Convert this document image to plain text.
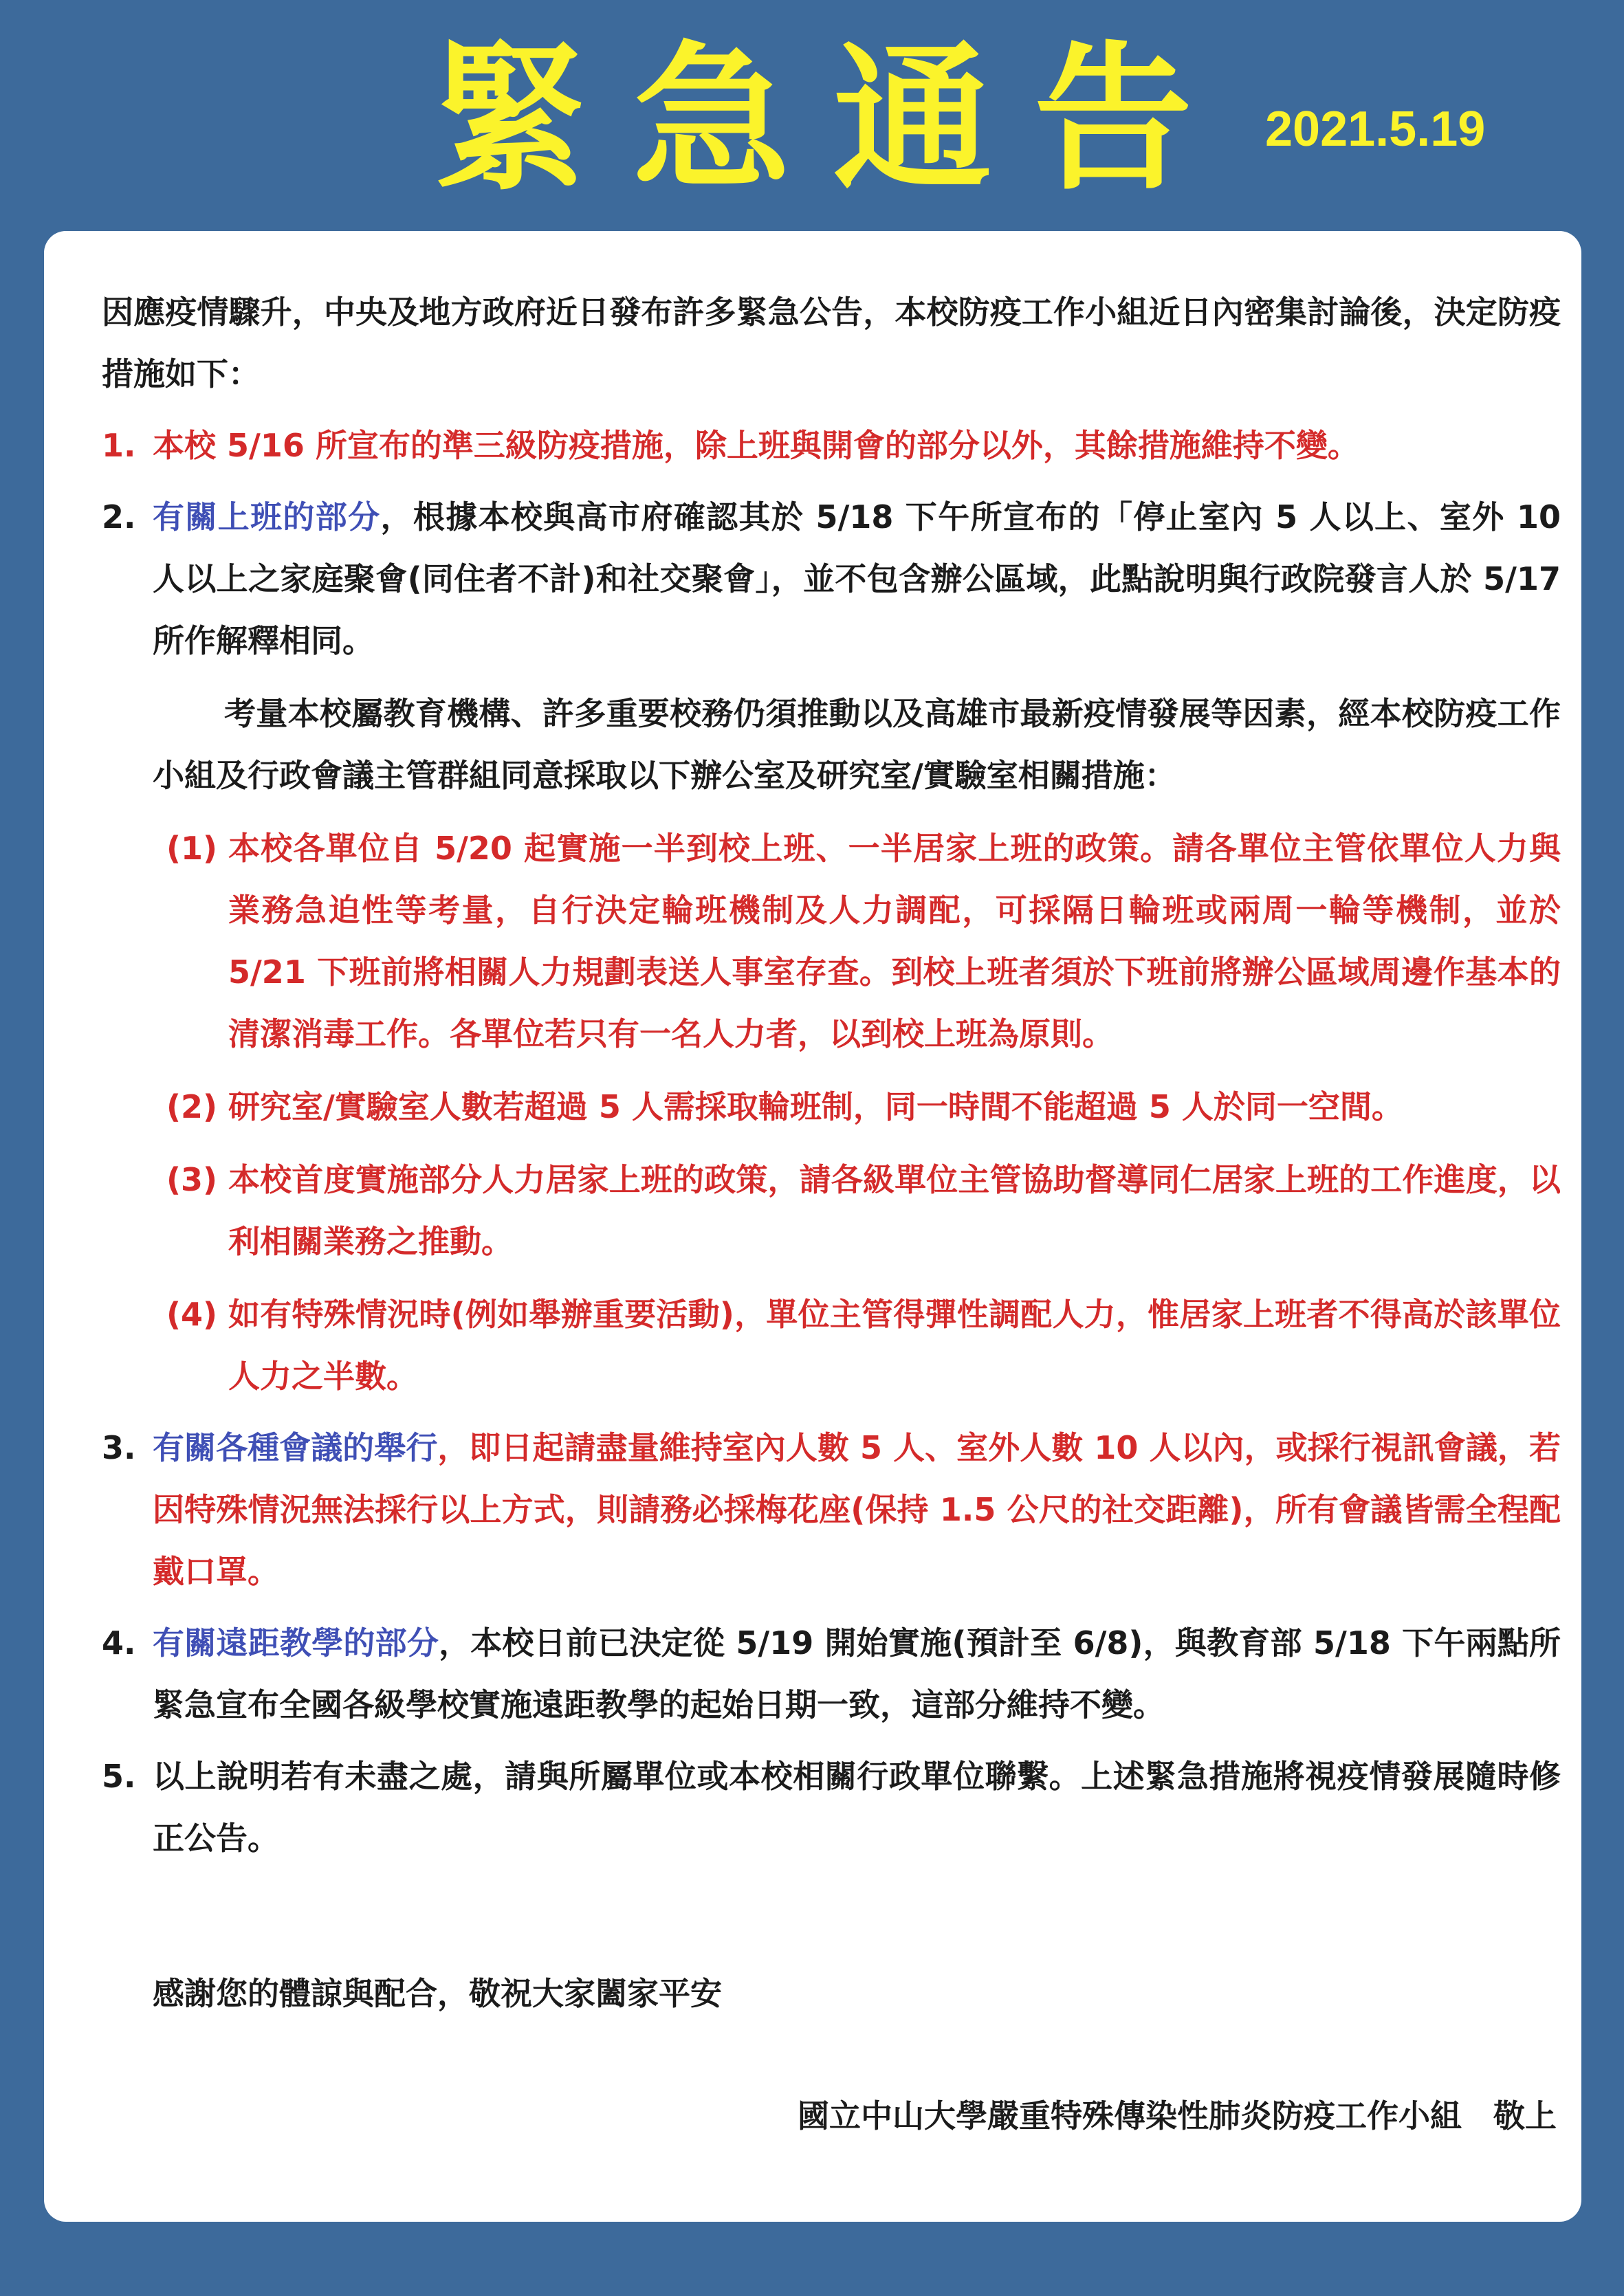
緊急通告 2021.5.19

因應疫情驟升，中央及地方政府近日發布許多緊急公告，本校防疫工作小組近日內密集討論後，決定防疫措施如下：

1. 本校 5/16 所宣布的準三級防疫措施，除上班與開會的部分以外，其餘措施維持不變。
2. 有關上班的部分，根據本校與高市府確認其於 5/18 下午所宣布的「停止室內 5 人以上、室外 10 人以上之家庭聚會(同住者不計)和社交聚會」，並不包含辦公區域，此點說明與行政院發言人於 5/17 所作解釋相同。

考量本校屬教育機構、許多重要校務仍須推動以及高雄市最新疫情發展等因素，經本校防疫工作小組及行政會議主管群組同意採取以下辦公室及研究室/實驗室相關措施：

(1) 本校各單位自 5/20 起實施一半到校上班、一半居家上班的政策。請各單位主管依單位人力與業務急迫性等考量，自行決定輪班機制及人力調配，可採隔日輪班或兩周一輪等機制，並於 5/21 下班前將相關人力規劃表送人事室存查。到校上班者須於下班前將辦公區域周邊作基本的清潔消毒工作。各單位若只有一名人力者，以到校上班為原則。
(2) 研究室/實驗室人數若超過 5 人需採取輪班制，同一時間不能超過 5 人於同一空間。
(3) 本校首度實施部分人力居家上班的政策，請各級單位主管協助督導同仁居家上班的工作進度，以利相關業務之推動。
(4) 如有特殊情況時(例如舉辦重要活動)，單位主管得彈性調配人力，惟居家上班者不得高於該單位人力之半數。
3. 有關各種會議的舉行，即日起請盡量維持室內人數 5 人、室外人數 10 人以內，或採行視訊會議，若因特殊情況無法採行以上方式，則請務必採梅花座(保持 1.5 公尺的社交距離)，所有會議皆需全程配戴口罩。
4. 有關遠距教學的部分，本校日前已決定從 5/19 開始實施(預計至 6/8)，與教育部 5/18 下午兩點所緊急宣布全國各級學校實施遠距教學的起始日期一致，這部分維持不變。
5. 以上說明若有未盡之處，請與所屬單位或本校相關行政單位聯繫。上述緊急措施將視疫情發展隨時修正公告。

感謝您的體諒與配合，敬祝大家闔家平安

國立中山大學嚴重特殊傳染性肺炎防疫工作小組　敬上
